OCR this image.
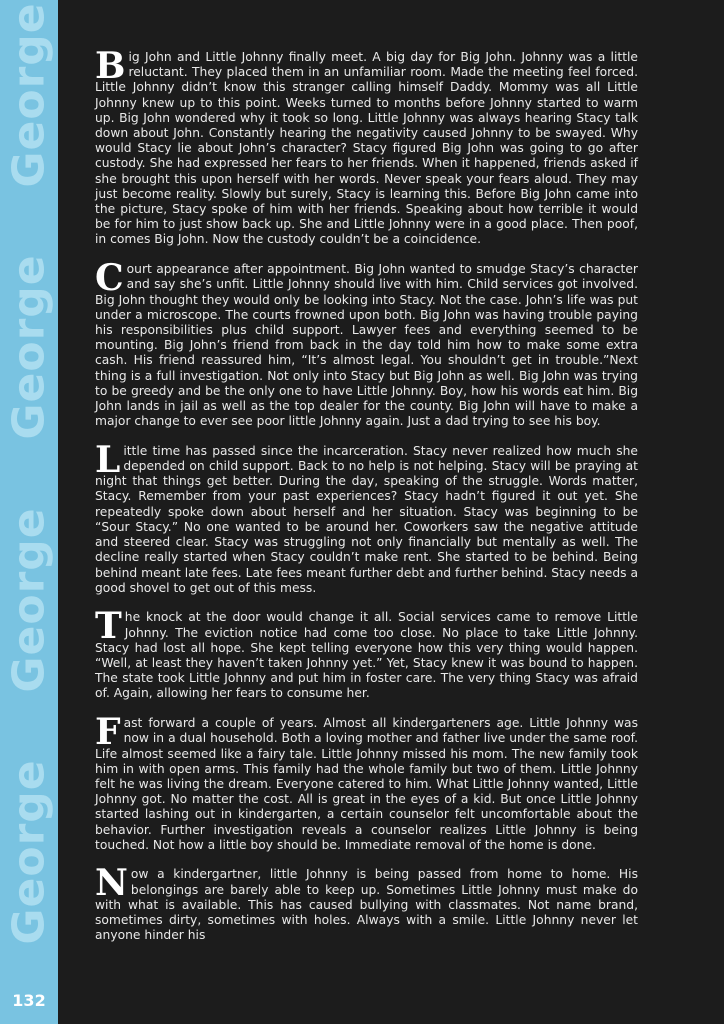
George
George
George
George
132

Big John and Little Johnny finally meet. A big day for Big John. Johnny was a little reluctant. They placed them in an unfamiliar room. Made the meeting feel forced. Little Johnny didn’t know this stranger calling himself Daddy. Mommy was all Little Johnny knew up to this point. Weeks turned to months before Johnny started to warm up. Big John wondered why it took so long. Little Johnny was always hearing Stacy talk down about John. Constantly hearing the negativity caused Johnny to be swayed. Why would Stacy lie about John’s character? Stacy figured Big John was going to go after custody. She had expressed her fears to her friends. When it happened, friends asked if she brought this upon herself with her words. Never speak your fears aloud. They may just become reality. Slowly but surely, Stacy is learning this. Before Big John came into the picture, Stacy spoke of him with her friends. Speaking about how terrible it would be for him to just show back up. She and Little Johnny were in a good place. Then poof, in comes Big John. Now the custody couldn’t be a coincidence.

Court appearance after appointment. Big John wanted to smudge Stacy’s character and say she’s unfit. Little Johnny should live with him. Child services got involved. Big John thought they would only be looking into Stacy. Not the case. John’s life was put under a microscope. The courts frowned upon both. Big John was having trouble paying his responsibilities plus child support. Lawyer fees and everything seemed to be mounting. Big John’s friend from back in the day told him how to make some extra cash. His friend reassured him, “It’s almost legal. You shouldn’t get in trouble.”Next thing is a full investigation. Not only into Stacy but Big John as well. Big John was trying to be greedy and be the only one to have Little Johnny. Boy, how his words eat him. Big John lands in jail as well as the top dealer for the county. Big John will have to make a major change to ever see poor little Johnny again. Just a dad trying to see his boy.

Little time has passed since the incarceration. Stacy never realized how much she depended on child support. Back to no help is not helping. Stacy will be praying at night that things get better. During the day, speaking of the struggle. Words matter, Stacy. Remember from your past experiences? Stacy hadn’t figured it out yet. She repeatedly spoke down about herself and her situation. Stacy was beginning to be “Sour Stacy.” No one wanted to be around her. Coworkers saw the negative attitude and steered clear. Stacy was struggling not only financially but mentally as well. The decline really started when Stacy couldn’t make rent. She started to be behind. Being behind meant late fees. Late fees meant further debt and further behind. Stacy needs a good shovel to get out of this mess.

The knock at the door would change it all. Social services came to remove Little Johnny. The eviction notice had come too close. No place to take Little Johnny. Stacy had lost all hope. She kept telling everyone how this very thing would happen. “Well, at least they haven’t taken Johnny yet.” Yet, Stacy knew it was bound to happen. The state took Little Johnny and put him in foster care. The very thing Stacy was afraid of. Again, allowing her fears to consume her.

Fast forward a couple of years. Almost all kindergarteners age. Little Johnny was now in a dual household. Both a loving mother and father live under the same roof. Life almost seemed like a fairy tale. Little Johnny missed his mom. The new family took him in with open arms. This family had the whole family but two of them. Little Johnny felt he was living the dream. Everyone catered to him. What Little Johnny wanted, Little Johnny got. No matter the cost. All is great in the eyes of a kid. But once Little Johnny started lashing out in kindergarten, a certain counselor felt uncomfortable about the behavior. Further investigation reveals a counselor realizes Little Johnny is being touched. Not how a little boy should be. Immediate removal of the home is done.

Now a kindergartner, little Johnny is being passed from home to home. His belongings are barely able to keep up. Sometimes Little Johnny must make do with what is available. This has caused bullying with classmates. Not name brand, sometimes dirty, sometimes with holes. Always with a smile. Little Johnny never let anyone hinder his
